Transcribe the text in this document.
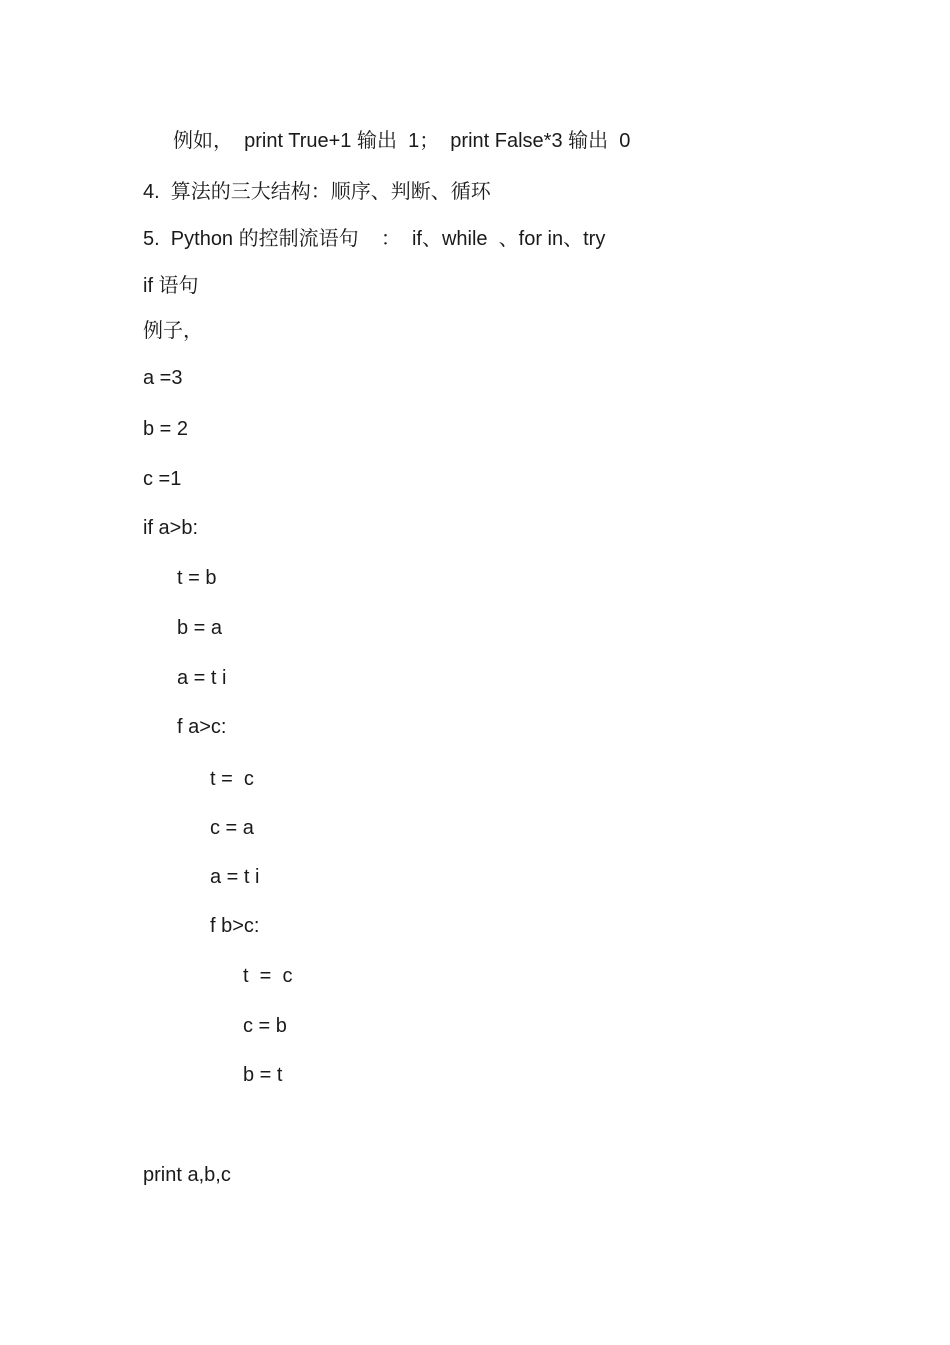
例如，  print True+1 输出  1；  print False*3 输出  0
4.  算法的三大结构：顺序、判断、循环
5.  Python 的控制流语句    ：  if、while  、for in、try
if 语句
例子，
a =3
b = 2
c =1
if a>b:
t = b
b = a
a = t i
f a>c:
t =  c
c = a
a = t i
f b>c:
t  =  c
c = b
b = t
print a,b,c
